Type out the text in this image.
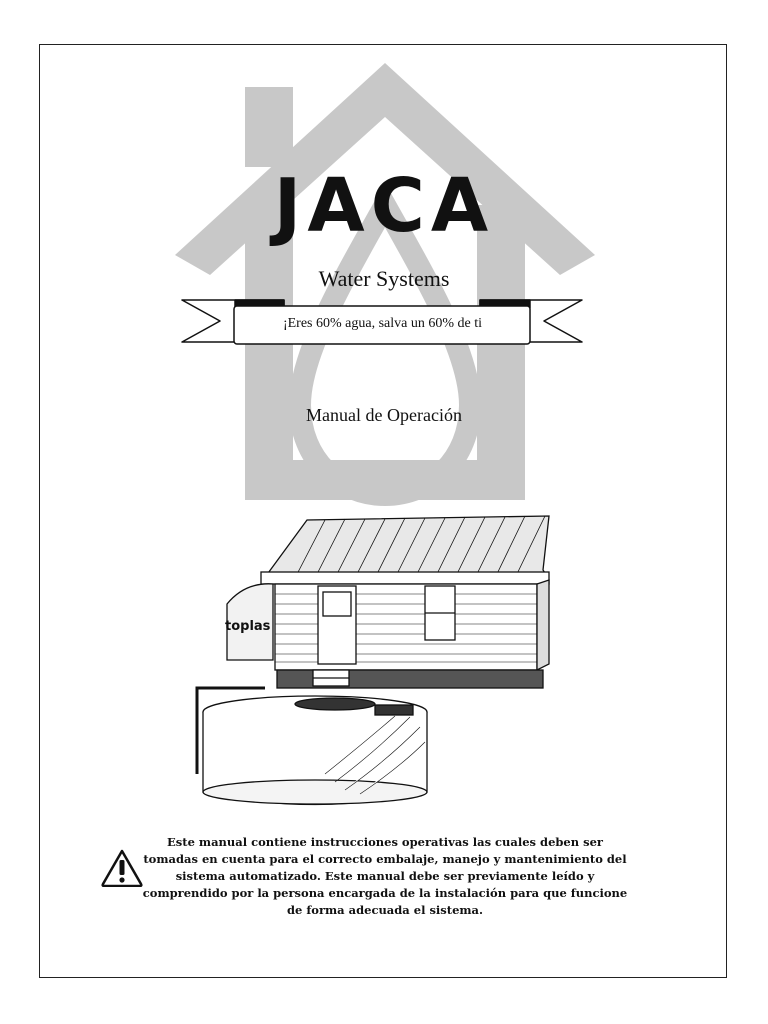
JACA
Water Systems
¡Eres 60% agua, salva un 60% de ti
Manual de Operación
toplas
Este manual contiene instrucciones operativas las cuales deben ser tomadas en cuenta para el correcto embalaje, manejo y mantenimiento del sistema automatizado. Este manual debe ser previamente leído y comprendido por la persona encargada de la instalación para que funcione de forma adecuada el sistema.
